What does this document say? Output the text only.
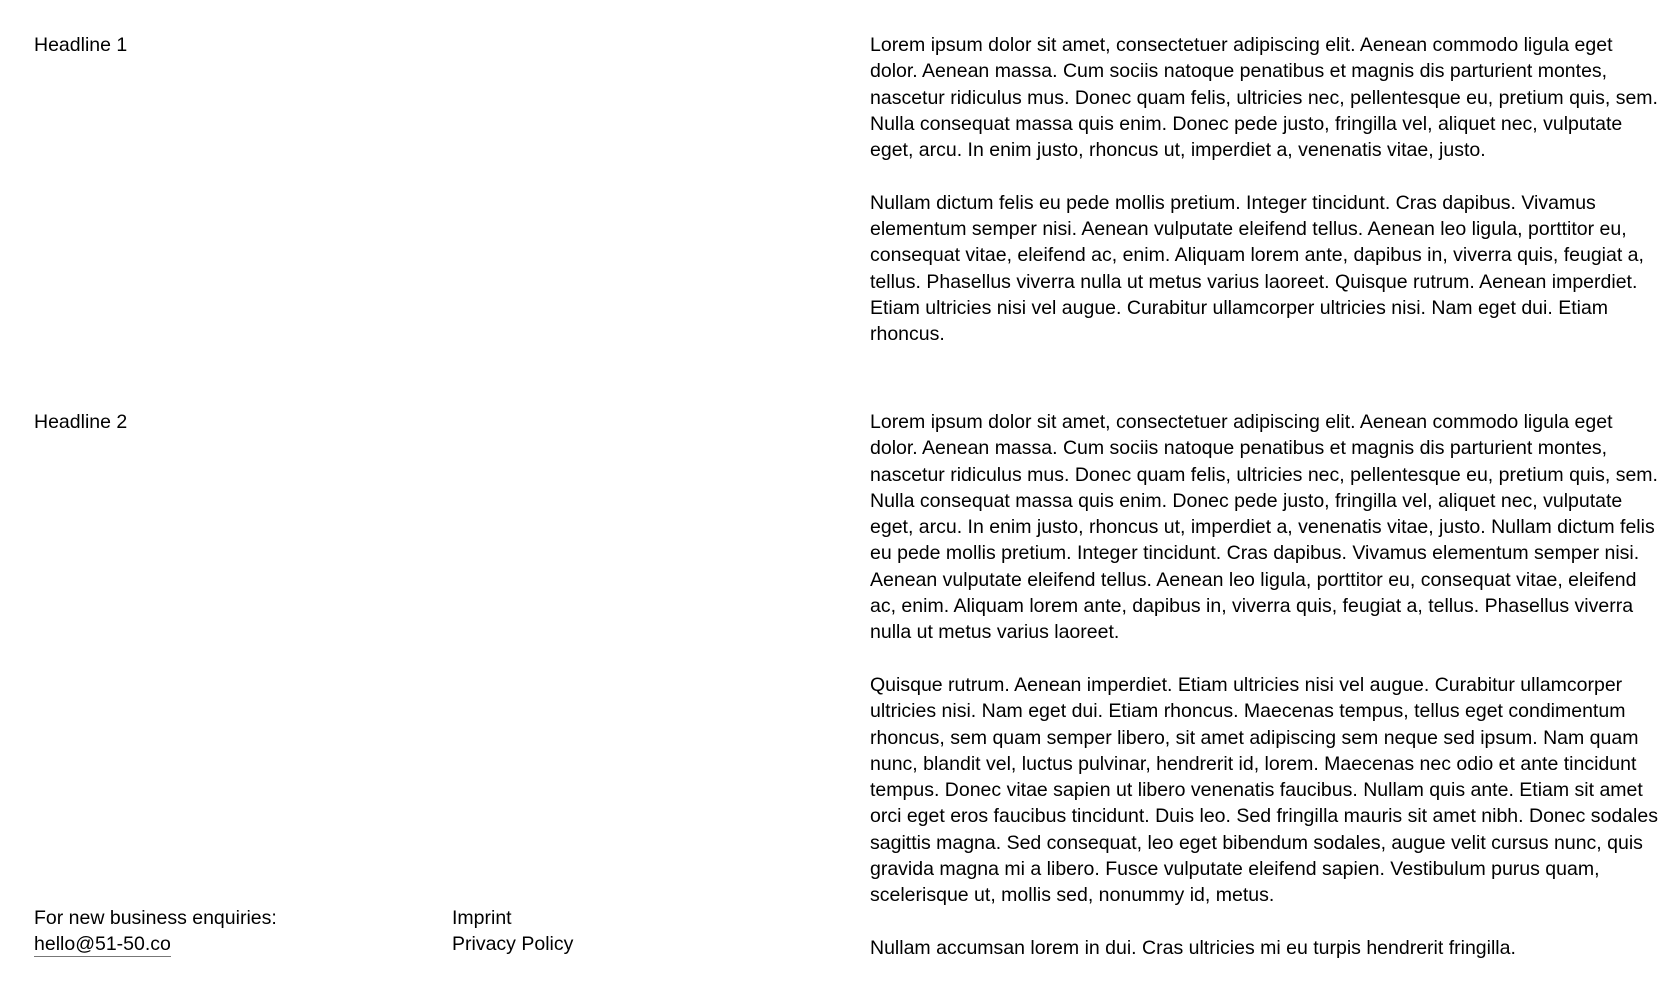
Headline 1
Headline 2

Lorem ipsum dolor sit amet, consectetuer adipiscing elit. Aenean commodo ligula eget dolor. Aenean massa. Cum sociis natoque penatibus et magnis dis parturient montes, nascetur ridiculus mus. Donec quam felis, ultricies nec, pellentesque eu, pretium quis, sem. Nulla consequat massa quis enim. Donec pede justo, fringilla vel, aliquet nec, vulputate eget, arcu. In enim justo, rhoncus ut, imperdiet a, venenatis vitae, justo.

Nullam dictum felis eu pede mollis pretium. Integer tincidunt. Cras dapibus. Vivamus elementum semper nisi. Aenean vulputate eleifend tellus. Aenean leo ligula, porttitor eu, consequat vitae, eleifend ac, enim. Aliquam lorem ante, dapibus in, viverra quis, feugiat a, tellus. Phasellus viverra nulla ut metus varius laoreet. Quisque rutrum. Aenean imperdiet. Etiam ultricies nisi vel augue. Curabitur ullamcorper ultricies nisi. Nam eget dui. Etiam rhoncus.

Lorem ipsum dolor sit amet, consectetuer adipiscing elit. Aenean commodo ligula eget dolor. Aenean massa. Cum sociis natoque penatibus et magnis dis parturient montes, nascetur ridiculus mus. Donec quam felis, ultricies nec, pellentesque eu, pretium quis, sem. Nulla consequat massa quis enim. Donec pede justo, fringilla vel, aliquet nec, vulputate eget, arcu. In enim justo, rhoncus ut, imperdiet a, venenatis vitae, justo. Nullam dictum felis eu pede mollis pretium. Integer tincidunt. Cras dapibus. Vivamus elementum semper nisi. Aenean vulputate eleifend tellus. Aenean leo ligula, porttitor eu, consequat vitae, eleifend ac, enim. Aliquam lorem ante, dapibus in, viverra quis, feugiat a, tellus. Phasellus viverra nulla ut metus varius laoreet.

Quisque rutrum. Aenean imperdiet. Etiam ultricies nisi vel augue. Curabitur ullamcorper ultricies nisi. Nam eget dui. Etiam rhoncus. Maecenas tempus, tellus eget condimentum rhoncus, sem quam semper libero, sit amet adipiscing sem neque sed ipsum. Nam quam nunc, blandit vel, luctus pulvinar, hendrerit id, lorem. Maecenas nec odio et ante tincidunt tempus. Donec vitae sapien ut libero venenatis faucibus. Nullam quis ante. Etiam sit amet orci eget eros faucibus tincidunt. Duis leo. Sed fringilla mauris sit amet nibh. Donec sodales sagittis magna. Sed consequat, leo eget bibendum sodales, augue velit cursus nunc, quis gravida magna mi a libero. Fusce vulputate eleifend sapien. Vestibulum purus quam, scelerisque ut, mollis sed, nonummy id, metus.

Nullam accumsan lorem in dui. Cras ultricies mi eu turpis hendrerit fringilla.

For new business enquiries:
hello@51-50.co
Imprint
Privacy Policy
